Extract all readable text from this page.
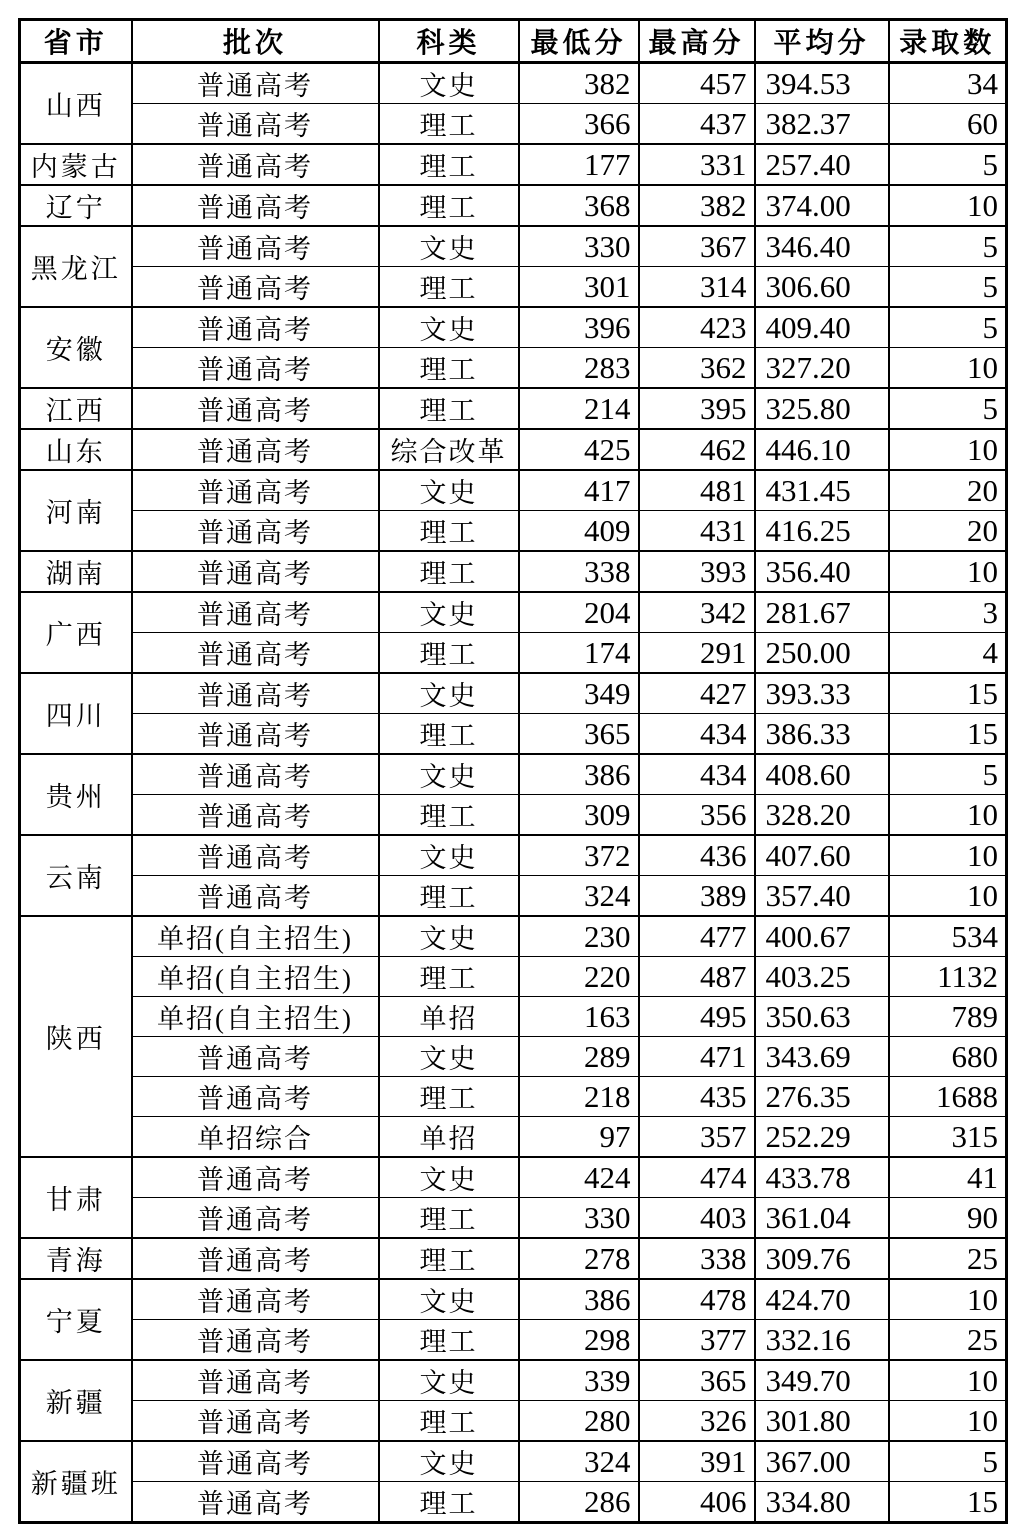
省市	批次	科类	最低分	最高分	平均分	录取数
山西	普通高考	文史	382	457	394.53	34
	普通高考	理工	366	437	382.37	60
内蒙古	普通高考	理工	177	331	257.40	5
辽宁	普通高考	理工	368	382	374.00	10
黑龙江	普通高考	文史	330	367	346.40	5
	普通高考	理工	301	314	306.60	5
安徽	普通高考	文史	396	423	409.40	5
	普通高考	理工	283	362	327.20	10
江西	普通高考	理工	214	395	325.80	5
山东	普通高考	综合改革	425	462	446.10	10
河南	普通高考	文史	417	481	431.45	20
	普通高考	理工	409	431	416.25	20
湖南	普通高考	理工	338	393	356.40	10
广西	普通高考	文史	204	342	281.67	3
	普通高考	理工	174	291	250.00	4
四川	普通高考	文史	349	427	393.33	15
	普通高考	理工	365	434	386.33	15
贵州	普通高考	文史	386	434	408.60	5
	普通高考	理工	309	356	328.20	10
云南	普通高考	文史	372	436	407.60	10
	普通高考	理工	324	389	357.40	10
陕西	单招(自主招生)	文史	230	477	400.67	534
	单招(自主招生)	理工	220	487	403.25	1132
	单招(自主招生)	单招	163	495	350.63	789
	普通高考	文史	289	471	343.69	680
	普通高考	理工	218	435	276.35	1688
	单招综合	单招	97	357	252.29	315
甘肃	普通高考	文史	424	474	433.78	41
	普通高考	理工	330	403	361.04	90
青海	普通高考	理工	278	338	309.76	25
宁夏	普通高考	文史	386	478	424.70	10
	普通高考	理工	298	377	332.16	25
新疆	普通高考	文史	339	365	349.70	10
	普通高考	理工	280	326	301.80	10
新疆班	普通高考	文史	324	391	367.00	5
	普通高考	理工	286	406	334.80	15
